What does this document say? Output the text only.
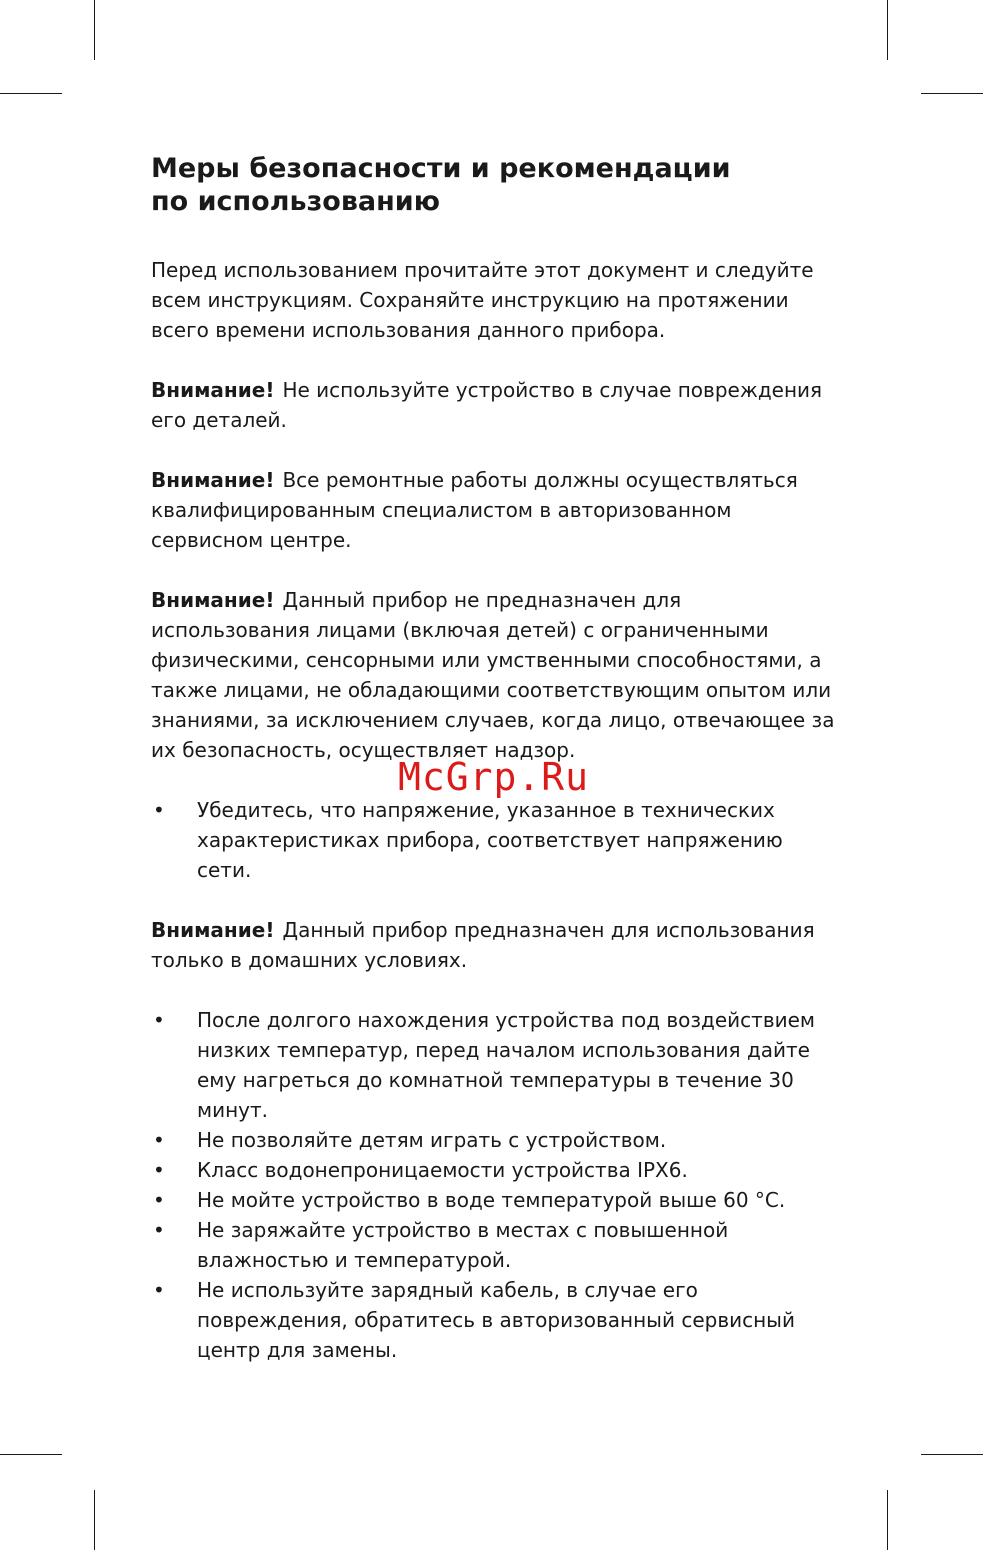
Меры безопасности и рекомендации
по использованию

Перед использованием прочитайте этот документ и следуйте всем инструкциям. Сохраняйте инструкцию на протяжении всего времени использования данного прибора.

Внимание! Не используйте устройство в случае повреждения его деталей.

Внимание! Все ремонтные работы должны осуществляться квалифицированным специалистом в авторизованном сервисном центре.

Внимание! Данный прибор не предназначен для использования лицами (включая детей) с ограниченными физическими, сенсорными или умственными способностями, а также лицами, не обладающими соответствующим опытом или знаниями, за исключением случаев, когда лицо, отвечающее за их безопасность, осуществляет надзор.

• Убедитесь, что напряжение, указанное в технических характеристиках прибора, соответствует напряжению сети.

Внимание! Данный прибор предназначен для использования только в домашних условиях.

• После долгого нахождения устройства под воздействием низких температур, перед началом использования дайте ему нагреться до комнатной температуры в течение 30 минут.
• Не позволяйте детям играть с устройством.
• Класс водонепроницаемости устройства IPX6.
• Не мойте устройство в воде температурой выше 60 °С.
• Не заряжайте устройство в местах с повышенной влажностью и температурой.
• Не используйте зарядный кабель, в случае его повреждения, обратитесь в авторизованный сервисный центр для замены.
McGrp.Ru
